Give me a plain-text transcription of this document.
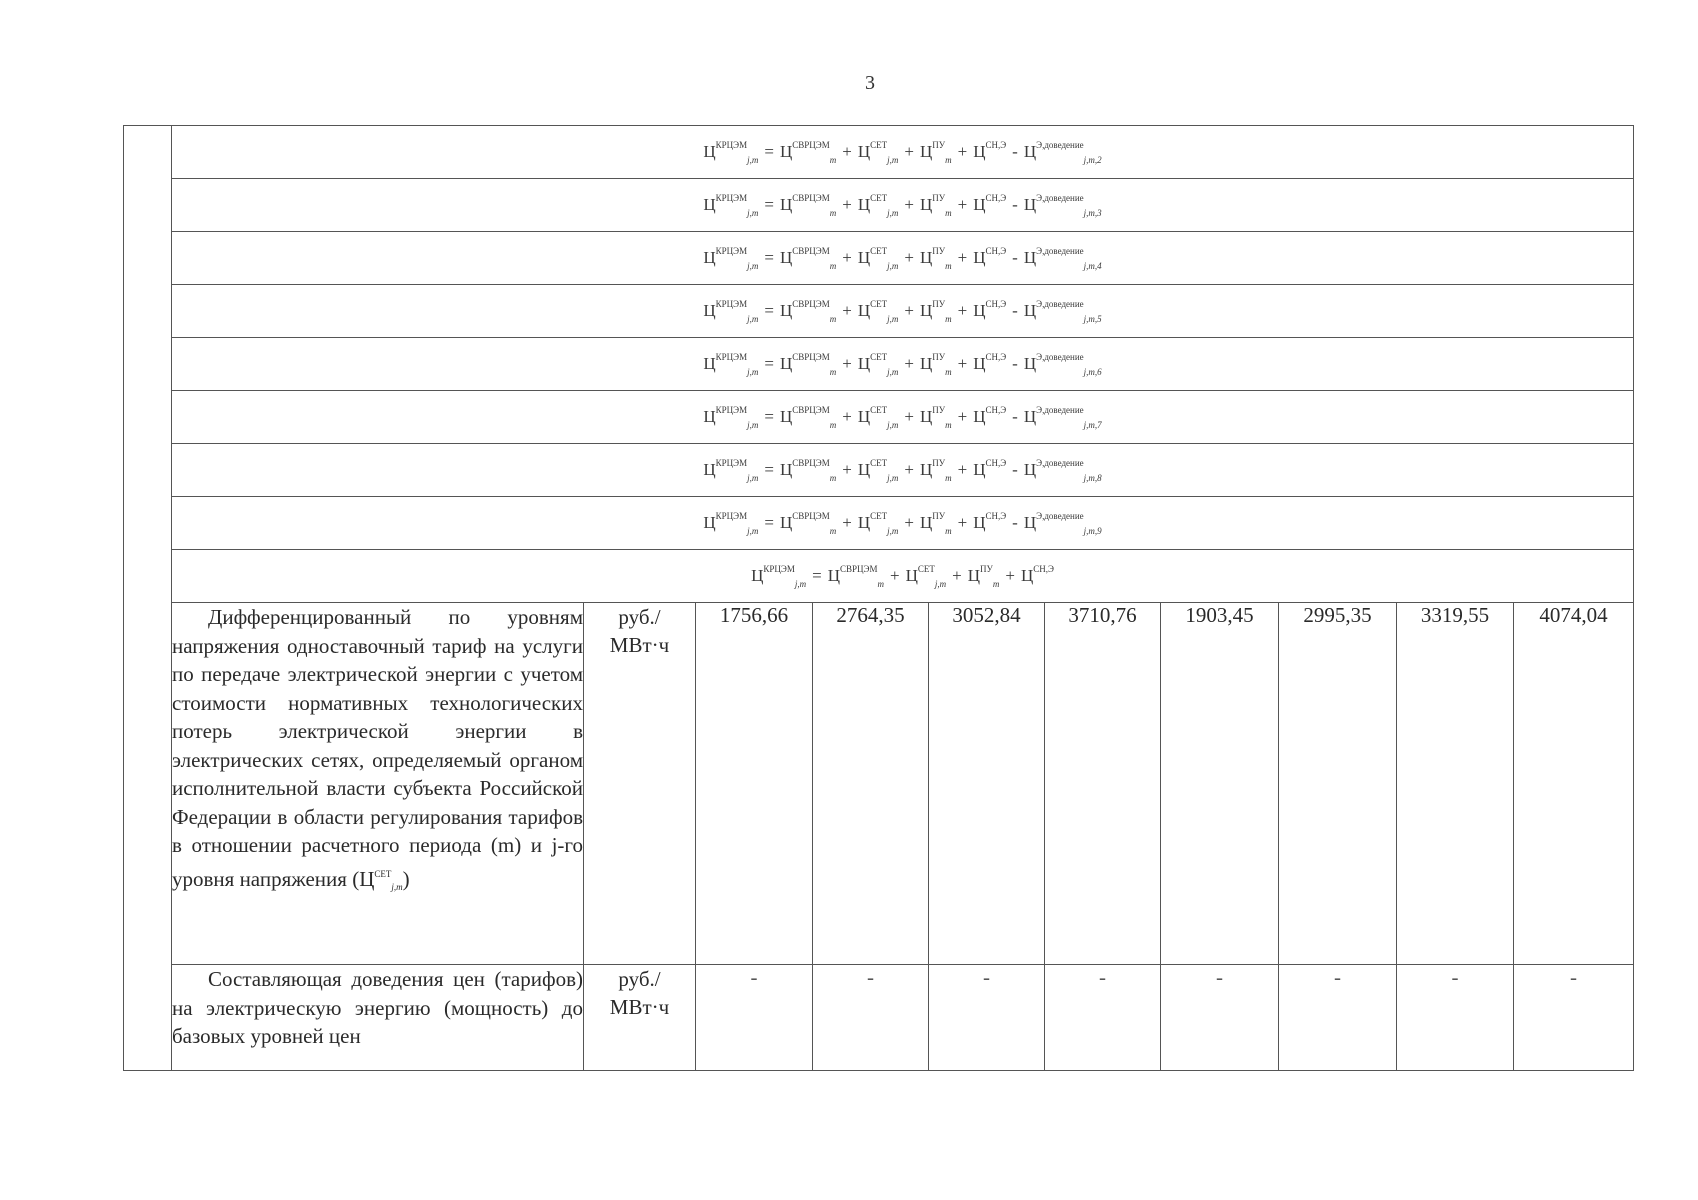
3
	$Ц^{КРЦЭМ}_{j,m} = Ц^{СВРЦЭМ}_m + Ц^{СЕТ}_{j,m} + Ц^{ПУ}_m + Ц^{СН,Э} - Ц^{Э,доведение}_{j,m,2}$
	$Ц^{КРЦЭМ}_{j,m} = Ц^{СВРЦЭМ}_m + Ц^{СЕТ}_{j,m} + Ц^{ПУ}_m + Ц^{СН,Э} - Ц^{Э,доведение}_{j,m,3}$
	$Ц^{КРЦЭМ}_{j,m} = Ц^{СВРЦЭМ}_m + Ц^{СЕТ}_{j,m} + Ц^{ПУ}_m + Ц^{СН,Э} - Ц^{Э,доведение}_{j,m,4}$
	$Ц^{КРЦЭМ}_{j,m} = Ц^{СВРЦЭМ}_m + Ц^{СЕТ}_{j,m} + Ц^{ПУ}_m + Ц^{СН,Э} - Ц^{Э,доведение}_{j,m,5}$
	$Ц^{КРЦЭМ}_{j,m} = Ц^{СВРЦЭМ}_m + Ц^{СЕТ}_{j,m} + Ц^{ПУ}_m + Ц^{СН,Э} - Ц^{Э,доведение}_{j,m,6}$
	$Ц^{КРЦЭМ}_{j,m} = Ц^{СВРЦЭМ}_m + Ц^{СЕТ}_{j,m} + Ц^{ПУ}_m + Ц^{СН,Э} - Ц^{Э,доведение}_{j,m,7}$
	$Ц^{КРЦЭМ}_{j,m} = Ц^{СВРЦЭМ}_m + Ц^{СЕТ}_{j,m} + Ц^{ПУ}_m + Ц^{СН,Э} - Ц^{Э,доведение}_{j,m,8}$
	$Ц^{КРЦЭМ}_{j,m} = Ц^{СВРЦЭМ}_m + Ц^{СЕТ}_{j,m} + Ц^{ПУ}_m + Ц^{СН,Э} - Ц^{Э,доведение}_{j,m,9}$
	$Ц^{КРЦЭМ}_{j,m} = Ц^{СВРЦЭМ}_m + Ц^{СЕТ}_{j,m} + Ц^{ПУ}_m + Ц^{СН,Э}$
	Дифференцированный по уровням напряжения одноставочный тариф на услуги по передаче электрической энергии с учетом стоимости нормативных технологических потерь электрической энергии в электрических сетях, определяемый органом исполнительной власти субъекта Российской Федерации в области регулирования тарифов в отношении расчетного периода (m) и j-го уровня напряжения $(Ц^{СЕТ}_{j,m})$	руб./
МВт·ч	1756,66	2764,35	3052,84	3710,76	1903,45	2995,35	3319,55	4074,04
	Составляющая доведения цен (тарифов) на электрическую энергию (мощность) до базовых уровней цен	руб./
МВт·ч	-	-	-	-	-	-	-	-
